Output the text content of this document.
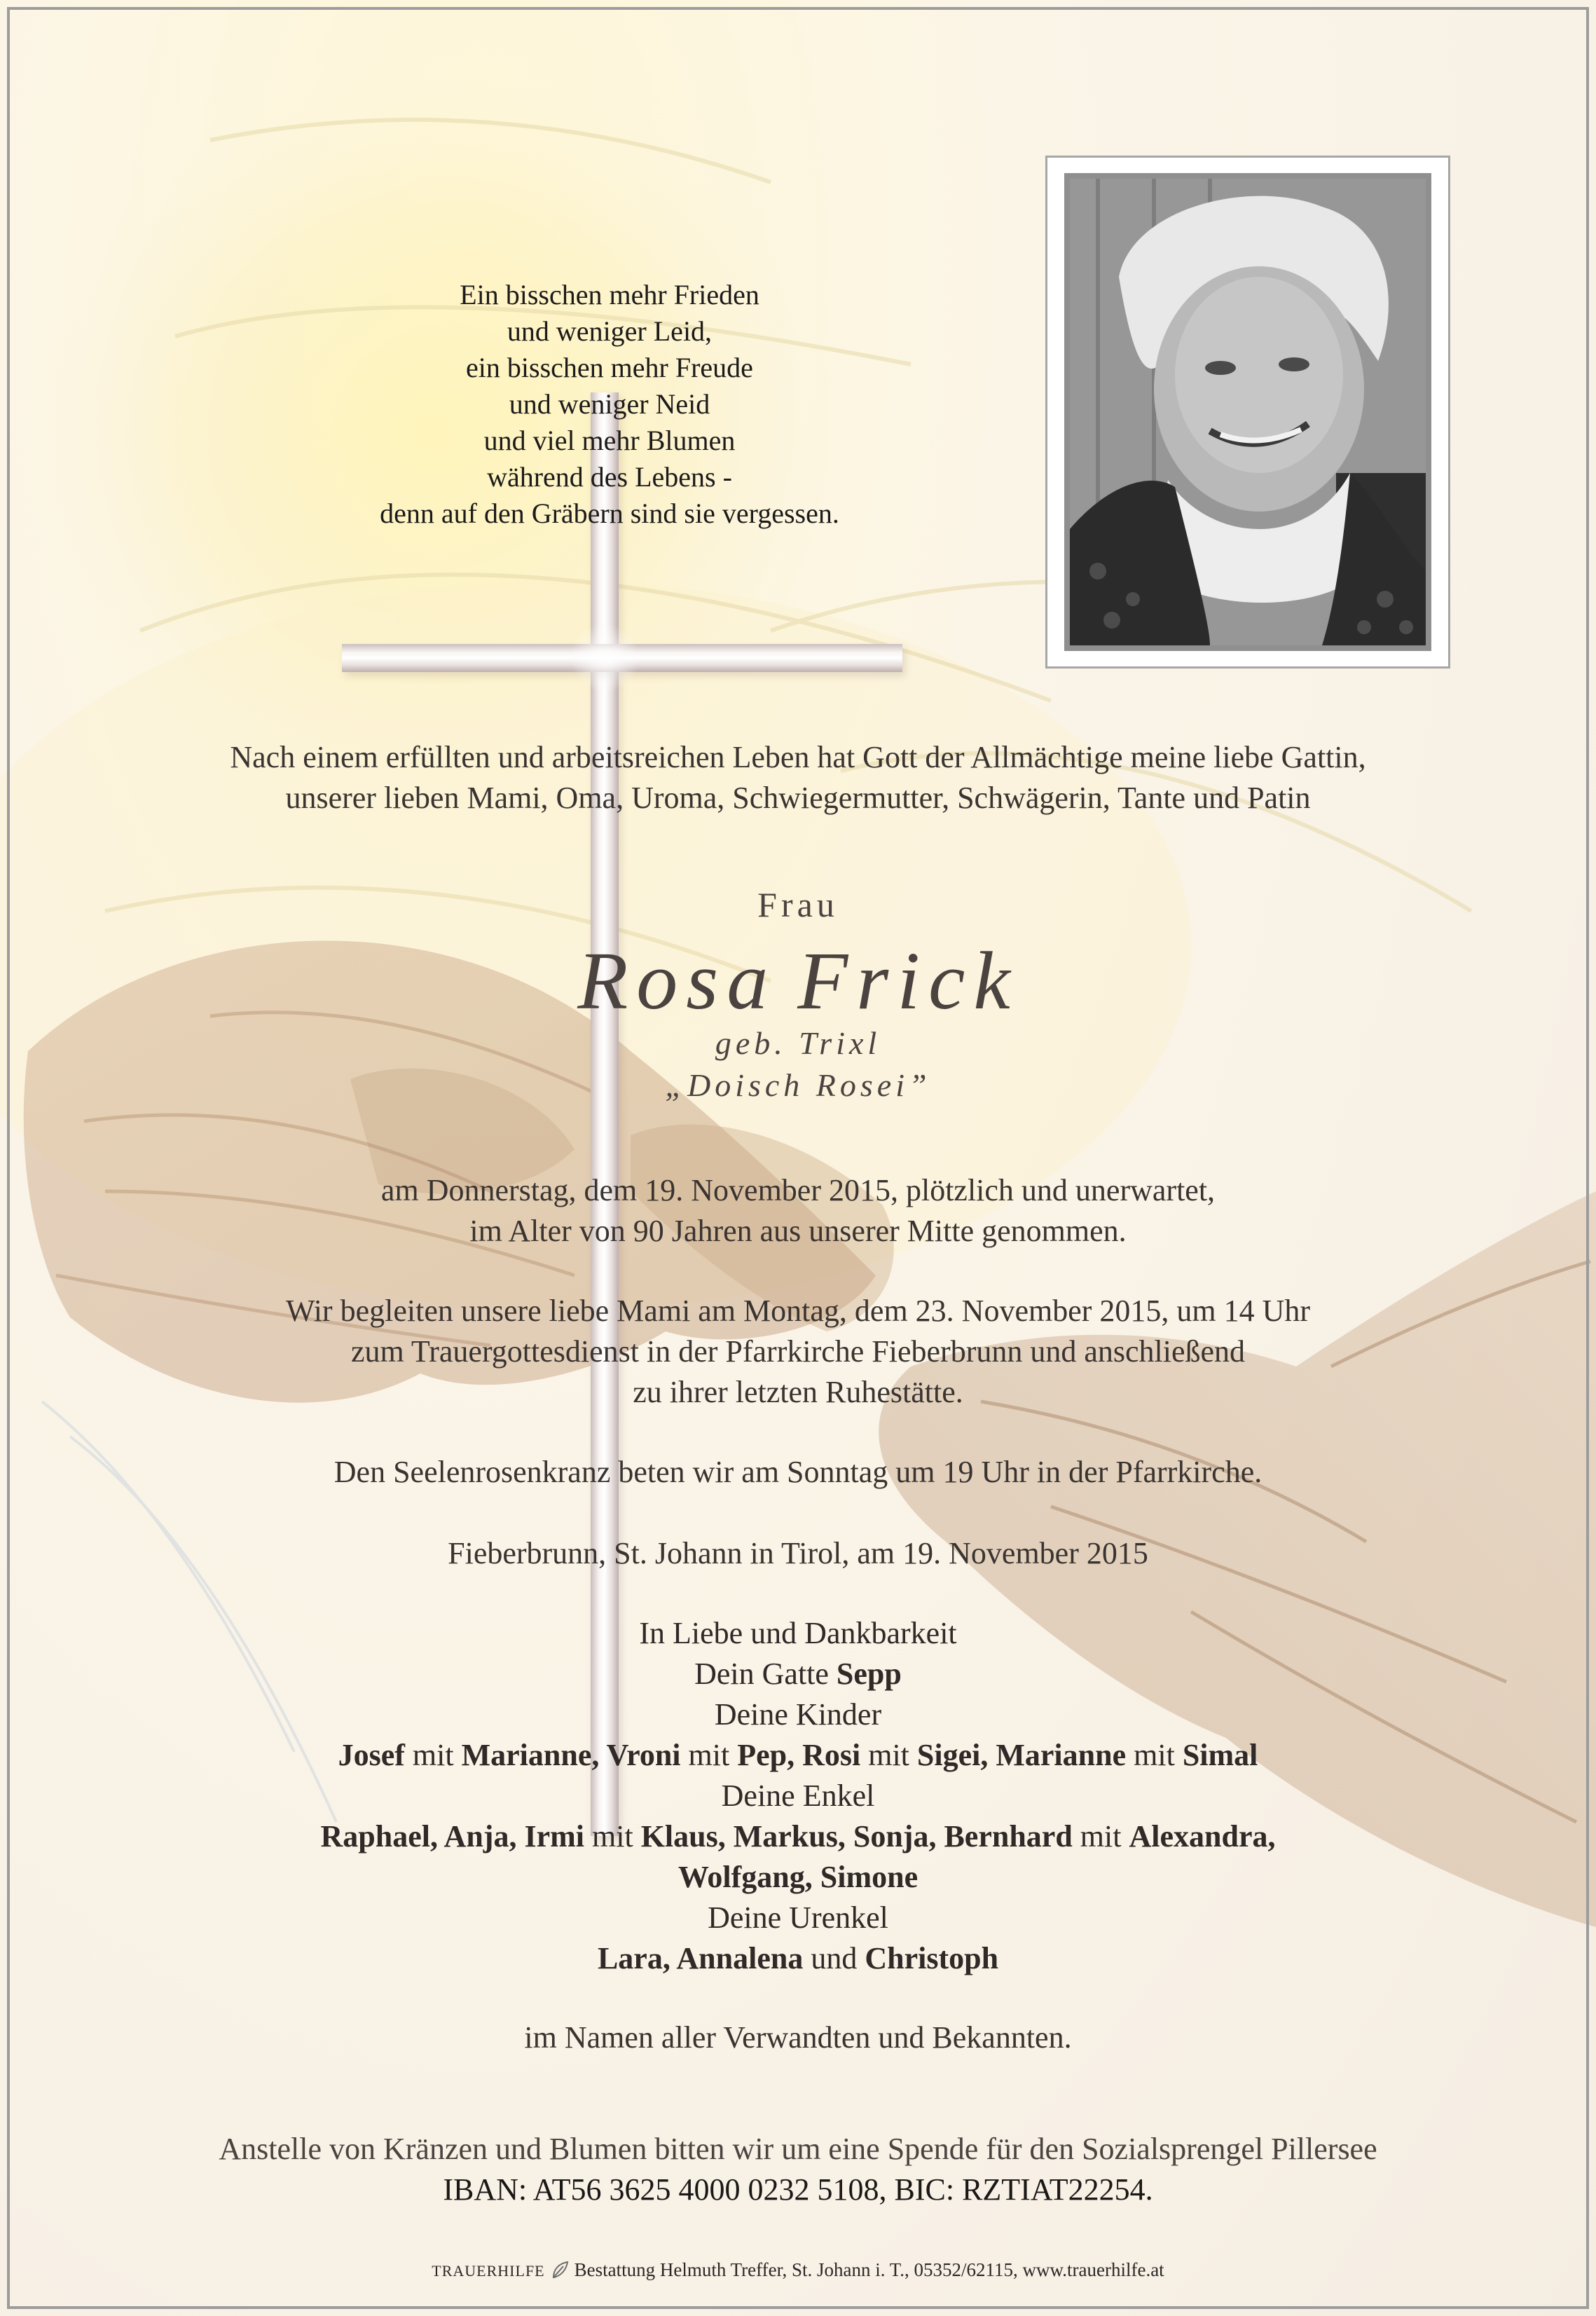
Ein bisschen mehr Frieden
und weniger Leid,
ein bisschen mehr Freude
und weniger Neid
und viel mehr Blumen
während des Lebens -
denn auf den Gräbern sind sie vergessen.
Nach einem erfüllten und arbeitsreichen Leben hat Gott der Allmächtige meine liebe Gattin,
unserer lieben Mami, Oma, Uroma, Schwiegermutter, Schwägerin, Tante und Patin
Frau
Rosa Frick
geb. Trixl
„Doisch Rosei”
am Donnerstag, dem 19. November 2015, plötzlich und unerwartet,
im Alter von 90 Jahren aus unserer Mitte genommen.
Wir begleiten unsere liebe Mami am Montag, dem 23. November 2015, um 14 Uhr
zum Trauergottesdienst in der Pfarrkirche Fieberbrunn und anschließend
zu ihrer letzten Ruhestätte.
Den Seelenrosenkranz beten wir am Sonntag um 19 Uhr in der Pfarrkirche.
Fieberbrunn, St. Johann in Tirol, am 19. November 2015
In Liebe und Dankbarkeit
Dein Gatte Sepp
Deine Kinder
Josef mit Marianne, Vroni mit Pep, Rosi mit Sigei, Marianne mit Simal
Deine Enkel
Raphael, Anja, Irmi mit Klaus, Markus, Sonja, Bernhard mit Alexandra,
Wolfgang, Simone
Deine Urenkel
Lara, Annalena und Christoph
im Namen aller Verwandten und Bekannten.
Anstelle von Kränzen und Blumen bitten wir um eine Spende für den Sozialsprengel Pillersee
IBAN: AT56 3625 4000 0232 5108, BIC: RZTIAT22254.
TRAUERHILFE Bestattung Helmuth Treffer, St. Johann i. T., 05352/62115, www.trauerhilfe.at
